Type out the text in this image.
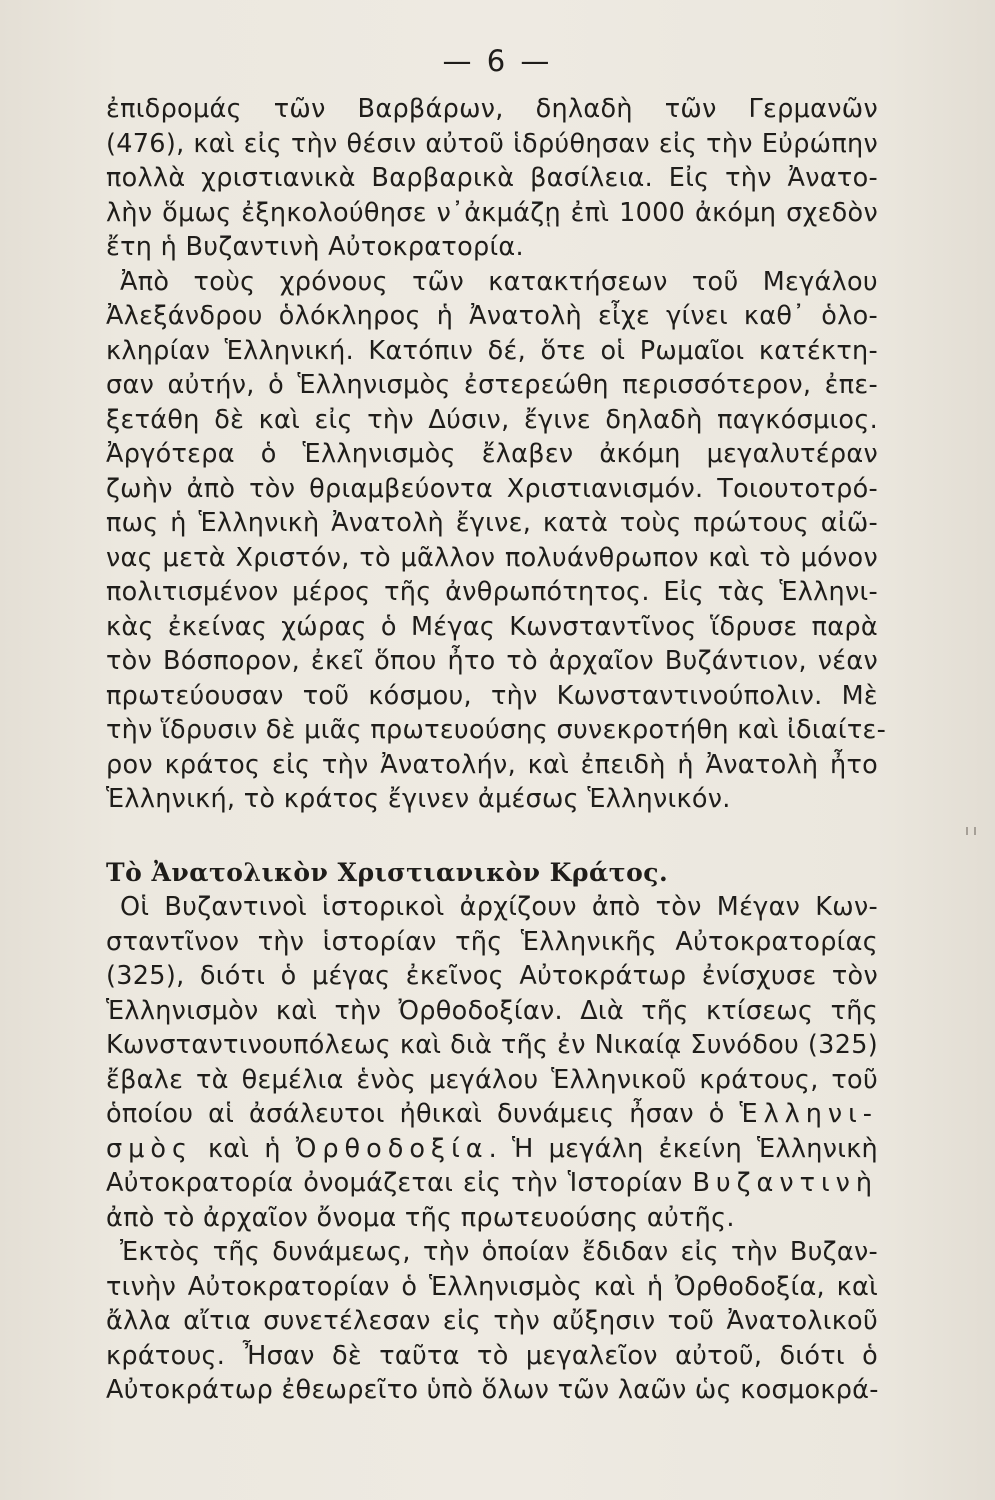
— 6 —
ἐπιδρομάς τῶν Βαρβάρων, δηλαδὴ τῶν Γερμανῶν
(476), καὶ εἰς τὴν θέσιν αὐτοῦ ἱδρύθησαν εἰς τὴν Εὐρώπην
πολλὰ χριστιανικὰ Βαρβαρικὰ βασίλεια. Εἰς τὴν Ἀνατο-
λὴν ὅμως ἐξηκολούθησε ν᾿ἀκμάζῃ ἐπὶ 1000 ἀκόμη σχεδὸν
ἔτη ἡ Βυζαντινὴ Αὐτοκρατορία.
Ἀπὸ τοὺς χρόνους τῶν κατακτήσεων τοῦ Μεγάλου
Ἀλεξάνδρου ὁλόκληρος ἡ Ἀνατολὴ εἶχε γίνει καθ᾿ ὁλο-
κληρίαν Ἑλληνική. Κατόπιν δέ, ὅτε οἱ Ρωμαῖοι κατέκτη-
σαν αὐτήν, ὁ Ἑλληνισμὸς ἐστερεώθη περισσότερον, ἐπε-
ξετάθη δὲ καὶ εἰς τὴν Δύσιν, ἔγινε δηλαδὴ παγκόσμιος.
Ἀργότερα ὁ Ἑλληνισμὸς ἔλαβεν ἀκόμη μεγαλυτέραν
ζωὴν ἀπὸ τὸν θριαμβεύοντα Χριστιανισμόν. Τοιουτοτρό-
πως ἡ Ἑλληνικὴ Ἀνατολὴ ἔγινε, κατὰ τοὺς πρώτους αἰῶ-
νας μετὰ Χριστόν, τὸ μᾶλλον πολυάνθρωπον καὶ τὸ μόνον
πολιτισμένον μέρος τῆς ἀνθρωπότητος. Εἰς τὰς Ἑλληνι-
κὰς ἐκείνας χώρας ὁ Μέγας Κωνσταντῖνος ἵδρυσε παρὰ
τὸν Βόσπορον, ἐκεῖ ὅπου ἦτο τὸ ἀρχαῖον Βυζάντιον, νέαν
πρωτεύουσαν τοῦ κόσμου, τὴν Κωνσταντινούπολιν. Μὲ
τὴν ἵδρυσιν δὲ μιᾶς πρωτευούσης συνεκροτήθη καὶ ἰδιαίτε-
ρον κράτος εἰς τὴν Ἀνατολήν, καὶ ἐπειδὴ ἡ Ἀνατολὴ ἦτο
Ἑλληνική, τὸ κράτος ἔγινεν ἀμέσως Ἑλληνικόν.
Τὸ Ἀνατολικὸν Χριστιανικὸν Κράτος.
Οἱ Βυζαντινοὶ ἱστορικοὶ ἀρχίζουν ἀπὸ τὸν Μέγαν Κων-
σταντῖνον τὴν ἱστορίαν τῆς Ἑλληνικῆς Αὐτοκρατορίας
(325), διότι ὁ μέγας ἐκεῖνος Αὐτοκράτωρ ἐνίσχυσε τὸν
Ἑλληνισμὸν καὶ τὴν Ὀρθοδοξίαν. Διὰ τῆς κτίσεως τῆς
Κωνσταντινουπόλεως καὶ διὰ τῆς ἐν Νικαίᾳ Συνόδου (325)
ἔβαλε τὰ θεμέλια ἑνὸς μεγάλου Ἑλληνικοῦ κράτους, τοῦ
ὁποίου αἱ ἀσάλευτοι ἠθικαὶ δυνάμεις ἦσαν ὁ Ἑλληνι-
σμὸς καὶ ἡ Ὀρθοδοξία. Ἡ μεγάλη ἐκείνη Ἑλληνικὴ
Αὐτοκρατορία ὀνομάζεται εἰς τὴν Ἱστορίαν Βυζαντινὴ
ἀπὸ τὸ ἀρχαῖον ὄνομα τῆς πρωτευούσης αὐτῆς.
Ἐκτὸς τῆς δυνάμεως, τὴν ὁποίαν ἔδιδαν εἰς τὴν Βυζαν-
τινὴν Αὐτοκρατορίαν ὁ Ἑλληνισμὸς καὶ ἡ Ὀρθοδοξία, καὶ
ἄλλα αἴτια συνετέλεσαν εἰς τὴν αὔξησιν τοῦ Ἀνατολικοῦ
κράτους. Ἦσαν δὲ ταῦτα τὸ μεγαλεῖον αὐτοῦ, διότι ὁ
Αὐτοκράτωρ ἐθεωρεῖτο ὑπὸ ὅλων τῶν λαῶν ὡς κοσμοκρά-
